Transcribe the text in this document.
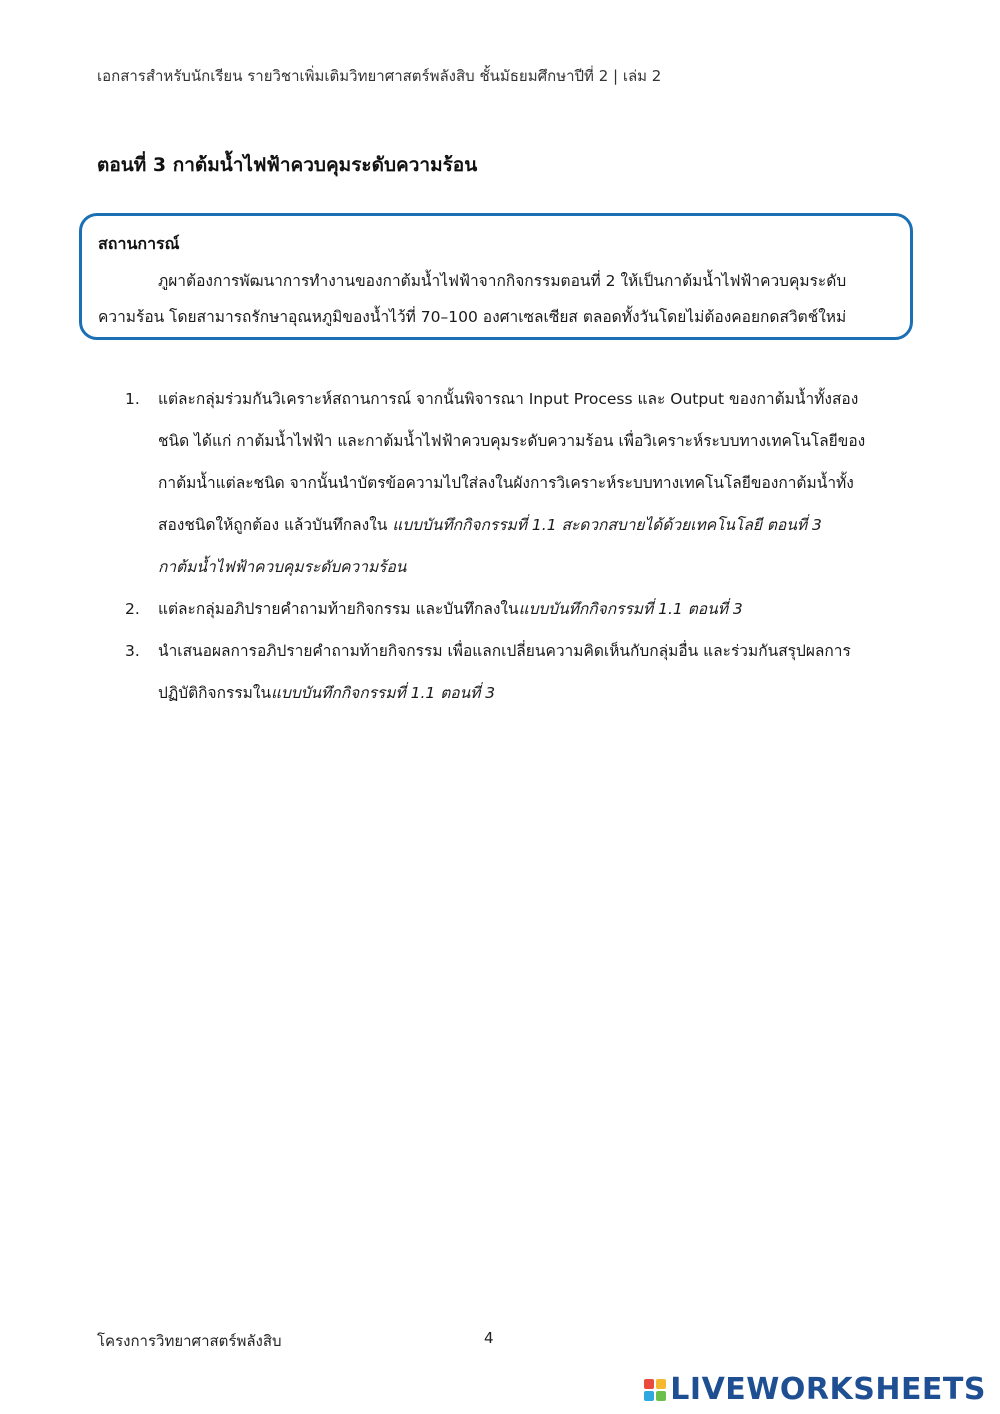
เอกสารสำหรับนักเรียน รายวิชาเพิ่มเติมวิทยาศาสตร์พลังสิบ ชั้นมัธยมศึกษาปีที่ 2 | เล่ม 2
ตอนที่ 3 กาต้มน้ำไฟฟ้าควบคุมระดับความร้อน
สถานการณ์
ภูผาต้องการพัฒนาการทำงานของกาต้มน้ำไฟฟ้าจากกิจกรรมตอนที่ 2 ให้เป็นกาต้มน้ำไฟฟ้าควบคุมระดับ
ความร้อน โดยสามารถรักษาอุณหภูมิของน้ำไว้ที่ 70–100 องศาเซลเซียส ตลอดทั้งวันโดยไม่ต้องคอยกดสวิตช์ใหม่
1.	แต่ละกลุ่มร่วมกันวิเคราะห์สถานการณ์ จากนั้นพิจารณา Input Process และ Output ของกาต้มน้ำทั้งสอง
ชนิด ได้แก่ กาต้มน้ำไฟฟ้า และกาต้มน้ำไฟฟ้าควบคุมระดับความร้อน เพื่อวิเคราะห์ระบบทางเทคโนโลยีของ
กาต้มน้ำแต่ละชนิด จากนั้นนำบัตรข้อความไปใส่ลงในผังการวิเคราะห์ระบบทางเทคโนโลยีของกาต้มน้ำทั้ง
สองชนิดให้ถูกต้อง แล้วบันทึกลงใน แบบบันทึกกิจกรรมที่ 1.1 สะดวกสบายได้ด้วยเทคโนโลยี ตอนที่ 3
กาต้มน้ำไฟฟ้าควบคุมระดับความร้อน
2.	แต่ละกลุ่มอภิปรายคำถามท้ายกิจกรรม และบันทึกลงในแบบบันทึกกิจกรรมที่ 1.1 ตอนที่ 3
3.	นำเสนอผลการอภิปรายคำถามท้ายกิจกรรม เพื่อแลกเปลี่ยนความคิดเห็นกับกลุ่มอื่น และร่วมกันสรุปผลการ
ปฏิบัติกิจกรรมในแบบบันทึกกิจกรรมที่ 1.1 ตอนที่ 3
โครงการวิทยาศาสตร์พลังสิบ	4
LIVEWORKSHEETS
